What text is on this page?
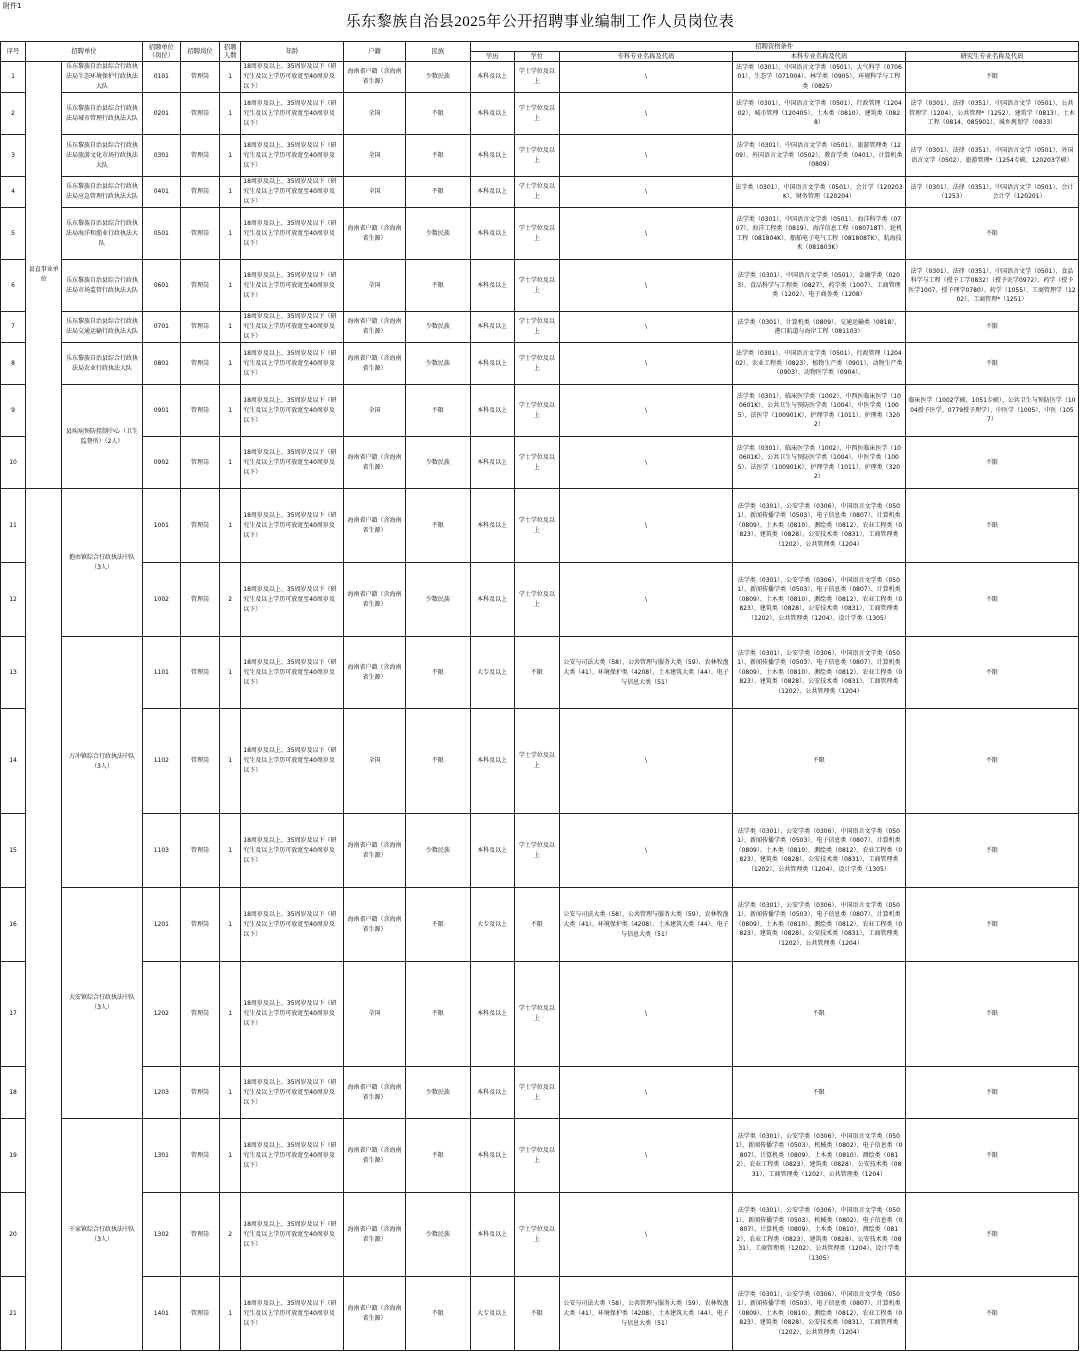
附件1
乐东黎族自治县2025年公开招聘事业编制工作人员岗位表
序号	招聘单位		招聘单位（岗位）	招聘岗位	招聘人数	年龄	户籍	民族	招聘资格条件				
									学历	学位	专科专业名称及代码	本科专业名称及代码	研究生专业名称及代码

1	县直事业单位	乐东黎族自治县综合行政执法局生态环境保护行政执法大队	0101	管理岗	1	18周岁及以上、35周岁及以下（研究生及以上学历可放宽至40周岁及以下）	海南省户籍（含海南省生源）	少数民族	本科及以上	学士学位及以上	\	法学类（0301）、中国语言文学类（0501）、大气科学（070601）、生态学（071004）、林学类（0905）、环境科学与工程类（0825）	不限
2		乐东黎族自治县综合行政执法局城市管理行政执法大队	0201	管理岗	1	18周岁及以上、35周岁及以下（研究生及以上学历可放宽至40周岁及以下）	全国	不限	本科及以上	学士学位及以上	\	法学类（0301）、中国语言文学类（0501）、行政管理（120402）、城市管理（120405）、土木类（0810）、建筑类（0828）	法学（0301）、法律（0351）、中国语言文学（0501）、公共管理学（1204）、公共管理*（1252）、建筑学（0813）、土木工程（0814、085901）、城乡规划学（0833）
3		乐东黎族自治县综合行政执法局旅游文化市场行政执法大队	0301	管理岗	1	18周岁及以上、35周岁及以下（研究生及以上学历可放宽至40周岁及以下）	全国	不限	本科及以上	学士学位及以上	\	法学类（0301）、中国语言文学类（0501）、旅游管理类（1209）、外国语言文学类（0502）、教育学类（0401）、计算机类（0809）	法学（0301）、法律（0351）、中国语言文学（0501）、外国语言文学（0502）、旅游管理*（1254专硕、120203学硕）
4		乐东黎族自治县综合行政执法局应急管理行政执法大队	0401	管理岗	1	18周岁及以上、35周岁及以下（研究生及以上学历可放宽至40周岁及以下）	全国	不限	本科及以上	学士学位及以上	\	法学类（0301）、中国语言文学类（0501）、会计学（120203K）、财务管理（120204）	法学（0301）、法律（0351）、中国语言文学（0501）、会计（1253）　　　　　会计学（120201）
5		乐东黎族自治县综合行政执法局海洋和渔业行政执法大队	0501	管理岗	1	18周岁及以上、35周岁及以下（研究生及以上学历可放宽至40周岁及以下）	海南省户籍（含海南省生源）	少数民族	本科及以上	学士学位及以上	\	法学类（0301）、中国语言文学类（0501）、海洋科学类（0707）、海洋工程类（0819）、海洋信息工程（080718T）、轮机工程（081804K）、船舶电子电气工程（081808TK）、航海技术（081803K）	不限
6		乐东黎族自治县综合行政执法局市场监管行政执法大队	0601	管理岗	1	18周岁及以上、35周岁及以下（研究生及以上学历可放宽至40周岁及以下）	全国	不限	本科及以上	学士学位及以上	\	法学类（0301）、中国语言文学类（0501）、金融学类（0203）、食品科学与工程类（0827）、药学类（1007）、工商管理类（1202）、电子商务类（1208）	法学（0301）、法律（0351）、中国语言文学（0501）、食品科学与工程（授予工学0832）（授予农学0972）、药学（授予医学1007、授予理学0780）、药学（1055）、工商管理学（1202）、工商管理*（1251）
7		乐东黎族自治县综合行政执法局交通运输行政执法大队	0701	管理岗	1	18周岁及以上、35周岁及以下（研究生及以上学历可放宽至40周岁及以下）	海南省户籍（含海南省生源）	少数民族	本科及以上	学士学位及以上	\	法学类（0301）、计算机类（0809）、交通运输类（0818）、港口航道与海岸工程（081103）	不限
8		乐东黎族自治县综合行政执法局农业行政执法大队	0801	管理岗	1	18周岁及以上、35周岁及以下（研究生及以上学历可放宽至40周岁及以下）	海南省户籍（含海南省生源）	少数民族	本科及以上	学士学位及以上	\	法学类（0301）、中国语言文学类（0501）、行政管理（120402）、农业工程类（0823）、植物生产类（0901）、动物生产类（0903）、动物医学类（0904）、	不限
9		县疾病预防控制中心（卫生监督所）（2人）	0901	管理岗	1	18周岁及以上、35周岁及以下（研究生及以上学历可放宽至40周岁及以下）	全国	不限	本科及以上	学士学位及以上	\	法学类（0301）、临床医学类（1002）、中西医临床医学（100601K）、公共卫生与预防医学类（1004）、中医学类（1005）、法医学（100901K）、护理学类（1011）、护理类（3202）	临床医学（1002学硕、1051专硕）、公共卫生与预防医学（1004授予医学、0779授予理学）、中医学（1005）、中医（1057）
10			0902	管理岗	1	18周岁及以上、35周岁及以下（研究生及以上学历可放宽至40周岁及以下）	海南省户籍（含海南省生源）	少数民族	本科及以上	学士学位及以上	\	法学类（0301）、临床医学类（1002）、中西医临床医学（100601K）、公共卫生与预防医学类（1004）、中医学类（1005）、法医学（100901K）、护理学类（1011）、护理类（3202）	不限
11		抱由镇综合行政执法中队（3人）	1001	管理岗	1	18周岁及以上、35周岁及以下（研究生及以上学历可放宽至40周岁及以下）	海南省户籍（含海南省生源）	不限	本科及以上	学士学位及以上	\	法学类（0301）、公安学类（0306）、中国语言文学类（0501）、新闻传播学类（0503）、电子信息类（0807）、计算机类（0809）、土木类（0810）、测绘类（0812）、农业工程类（0823）、建筑类（0828）、公安技术类（0831）、工商管理类（1202）、公共管理类（1204）	不限
12			1002	管理岗	2	18周岁及以上、35周岁及以下（研究生及以上学历可放宽至40周岁及以下）	海南省户籍（含海南省生源）	少数民族	本科及以上	学士学位及以上	\	法学类（0301）、公安学类（0306）、中国语言文学类（0501）、新闻传播学类（0503）、电子信息类（0807）、计算机类（0809）、土木类（0810）、测绘类（0812）、农业工程类（0823）、建筑类（0828）、公安技术类（0831）、工商管理类（1202）、公共管理类（1204）、设计学类（1305）	不限
13		万冲镇综合行政执法中队（3人）	1101	管理岗	1	18周岁及以上、35周岁及以下（研究生及以上学历可放宽至40周岁及以下）	海南省户籍（含海南省生源）	不限	大专及以上	不限	公安与司法大类（58）、公共管理与服务大类（59）、农林牧渔大类（41）、环境保护类（4208）、土木建筑大类（44）、电子与信息大类（51）	法学类（0301）、公安学类（0306）、中国语言文学类（0501）、新闻传播学类（0503）、电子信息类（0807）、计算机类（0809）、土木类（0810）、测绘类（0812）、农业工程类（0823）、建筑类（0828）、公安技术类（0831）、工商管理类（1202）、公共管理类（1204）	不限
14			1102	管理岗	1	18周岁及以上、35周岁及以下（研究生及以上学历可放宽至40周岁及以下）	全国	不限	本科及以上	学士学位及以上	\	不限	不限
15			1103	管理岗	1	18周岁及以上、35周岁及以下（研究生及以上学历可放宽至40周岁及以下）	海南省户籍（含海南省生源）	少数民族	本科及以上	学士学位及以上	\	法学类（0301）、公安学类（0306）、中国语言文学类（0501）、新闻传播学类（0503）、电子信息类（0807）、计算机类（0809）、土木类（0810）、测绘类（0812）、农业工程类（0823）、建筑类（0828）、公安技术类（0831）、工商管理类（1202）、公共管理类（1204）、设计学类（1305）	不限
16		大安镇综合行政执法中队（3人）	1201	管理岗	1	18周岁及以上、35周岁及以下（研究生及以上学历可放宽至40周岁及以下）	海南省户籍（含海南省生源）	不限	大专及以上	不限	公安与司法大类（58）、公共管理与服务大类（59）、农林牧渔大类（41）、环境保护类（4208）、土木建筑大类（44）、电子与信息大类（51）	法学类（0301）、公安学类（0306）、中国语言文学类（0501）、新闻传播学类（0503）、电子信息类（0807）、计算机类（0809）、土木类（0810）、测绘类（0812）、农业工程类（0823）、建筑类（0828）、公安技术类（0831）、工商管理类（1202）、公共管理类（1204）	不限
17			1202	管理岗	1	18周岁及以上、35周岁及以下（研究生及以上学历可放宽至40周岁及以下）	全国	不限	本科及以上	学士学位及以上	\	不限	不限
18			1203	管理岗	1	18周岁及以上、35周岁及以下（研究生及以上学历可放宽至40周岁及以下）	海南省户籍（含海南省生源）	少数民族	本科及以上	学士学位及以上	\	不限	不限
19		千家镇综合行政执法中队（3人）	1301	管理岗	1	18周岁及以上、35周岁及以下（研究生及以上学历可放宽至40周岁及以下）	海南省户籍（含海南省生源）	不限	本科及以上	学士学位及以上	\	法学类（0301）、公安学类（0306）、中国语言文学类（0501）、新闻传播学类（0503）、机械类（0802）、电子信息类（0807）、计算机类（0809）、土木类（0810）、测绘类（0812）、农业工程类（0823）、建筑类（0828）、公安技术类（0831）、工商管理类（1202）、公共管理类（1204）	不限
20			1302	管理岗	2	18周岁及以上、35周岁及以下（研究生及以上学历可放宽至40周岁及以下）	海南省户籍（含海南省生源）	少数民族	本科及以上	学士学位及以上	\	法学类（0301）、公安学类（0306）、中国语言文学类（0501）、新闻传播学类（0503）、机械类（0802）、电子信息类（0807）、计算机类（0809）、土木类（0810）、测绘类（0812）、农业工程类（0823）、建筑类（0828）、公安技术类（0831）、工商管理类（1202）、公共管理类（1204）、设计学类（1305）	不限
21			1401	管理岗	1	18周岁及以上、35周岁及以下（研究生及以上学历可放宽至40周岁及以下）	海南省户籍（含海南省生源）	不限	大专及以上	不限	公安与司法大类（58）、公共管理与服务大类（59）、农林牧渔大类（41）、环境保护类（4208）、土木建筑大类（44）、电子与信息大类（51）	法学类（0301）、公安学类（0306）、中国语言文学类（0501）、新闻传播学类（0503）、电子信息类（0807）、计算机类（0809）、土木类（0810）、测绘类（0812）、农业工程类（0823）、建筑类（0828）、公安技术类（0831）、工商管理类（1202）、公共管理类（1204）	不限
